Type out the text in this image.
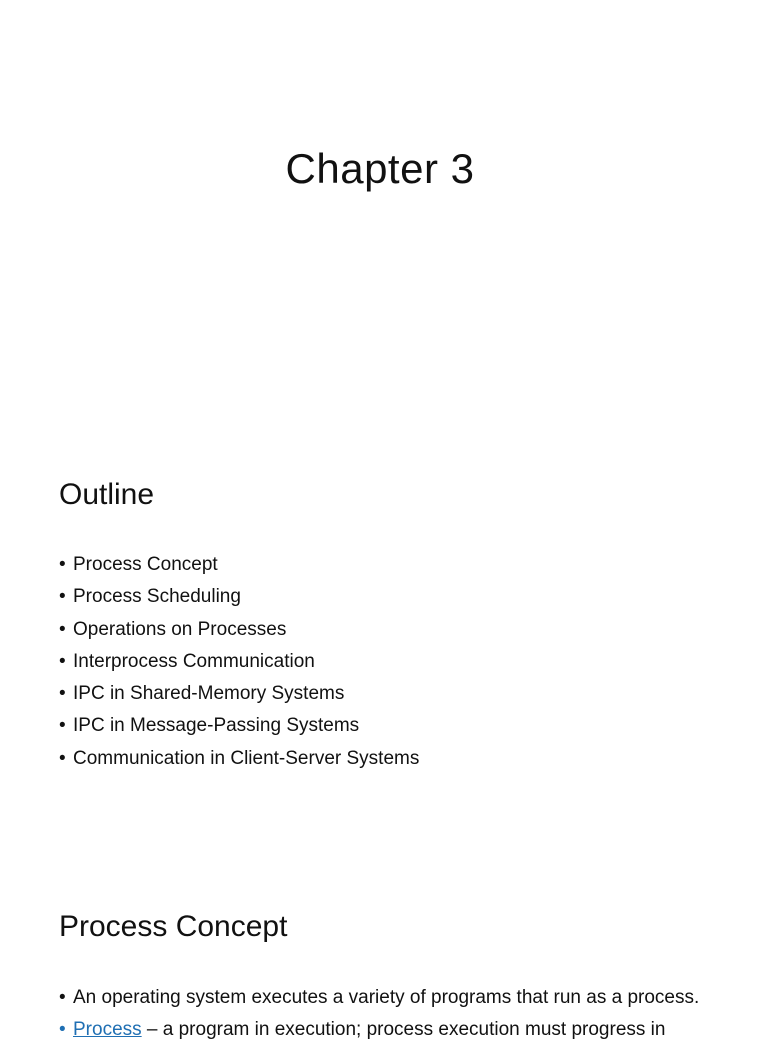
Chapter 3
Outline
• Process Concept
• Process Scheduling
• Operations on Processes
• Interprocess Communication
• IPC in Shared-Memory Systems
• IPC in Message-Passing Systems
• Communication in Client-Server Systems
Process Concept
• An operating system executes a variety of programs that run as a process.
• Process – a program in execution; process execution must progress in
